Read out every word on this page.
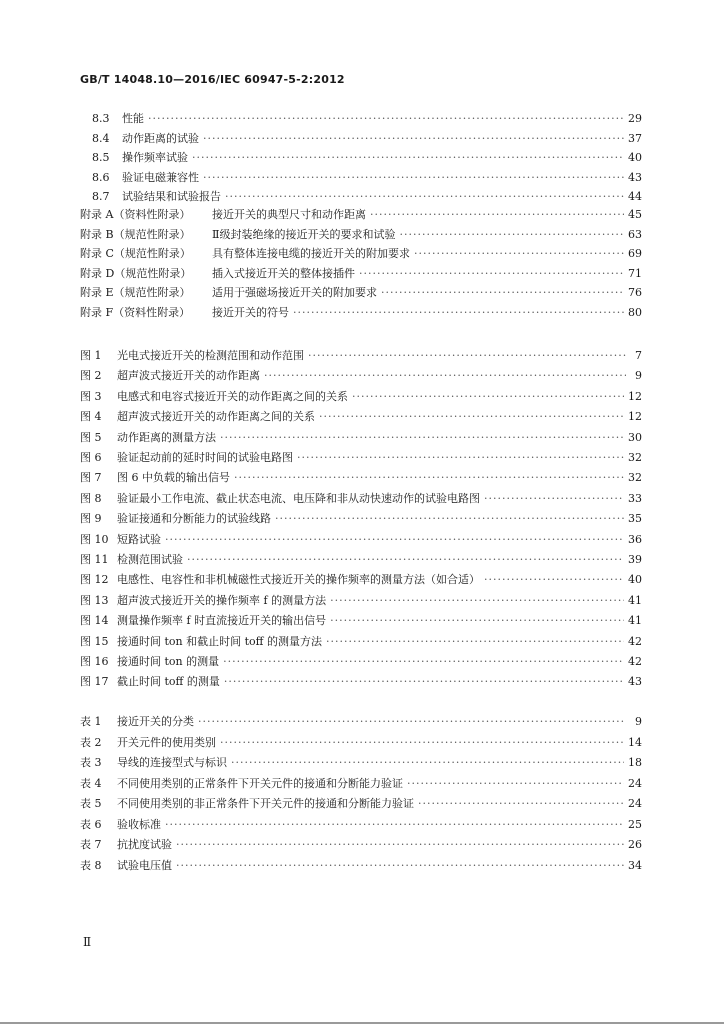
GB/T 14048.10—2016/IEC 60947-5-2:2012
8.3	性能 ·····	29
8.4	动作距离的试验 ·····	37
8.5	操作频率试验 ·····	40
8.6	验证电磁兼容性 ·····	43
8.7	试验结果和试验报告 ·····	44
附录 A（资料性附录）	接近开关的典型尺寸和动作距离 ·····	45
附录 B（规范性附录）	Ⅱ级封装绝缘的接近开关的要求和试验 ·····	63
附录 C（规范性附录）	具有整体连接电缆的接近开关的附加要求 ·····	69
附录 D（规范性附录）	插入式接近开关的整体接插件 ·····	71
附录 E（规范性附录）	适用于强磁场接近开关的附加要求 ·····	76
附录 F（资料性附录）	接近开关的符号 ·····	80
图 1	光电式接近开关的检测范围和动作范围 ·····	7
图 2	超声波式接近开关的动作距离 ·····	9
图 3	电感式和电容式接近开关的动作距离之间的关系 ·····	12
图 4	超声波式接近开关的动作距离之间的关系 ·····	12
图 5	动作距离的测量方法 ·····	30
图 6	验证起动前的延时时间的试验电路图 ·····	32
图 7	图 6 中负载的输出信号 ·····	32
图 8	验证最小工作电流、截止状态电流、电压降和非从动快速动作的试验电路图 ·····	33
图 9	验证接通和分断能力的试验线路 ·····	35
图 10 短路试验 ·····	36
图 11 检测范围试验 ·····	39
图 12 电感性、电容性和非机械磁性式接近开关的操作频率的测量方法（如合适） ·····	40
图 13 超声波式接近开关的操作频率 f 的测量方法 ·····	41
图 14 测量操作频率 f 时直流接近开关的输出信号 ·····	41
图 15 接通时间 ton 和截止时间 toff 的测量方法 ·····	42
图 16 接通时间 ton 的测量 ·····	42
图 17 截止时间 toff 的测量 ·····	43
表 1	接近开关的分类 ·····	9
表 2	开关元件的使用类别 ·····	14
表 3	导线的连接型式与标识 ·····	18
表 4	不同使用类别的正常条件下开关元件的接通和分断能力验证 ·····	24
表 5	不同使用类别的非正常条件下开关元件的接通和分断能力验证 ·····	24
表 6	验收标准 ·····	25
表 7	抗扰度试验 ·····	26
表 8	试验电压值 ·····	34
Ⅱ
